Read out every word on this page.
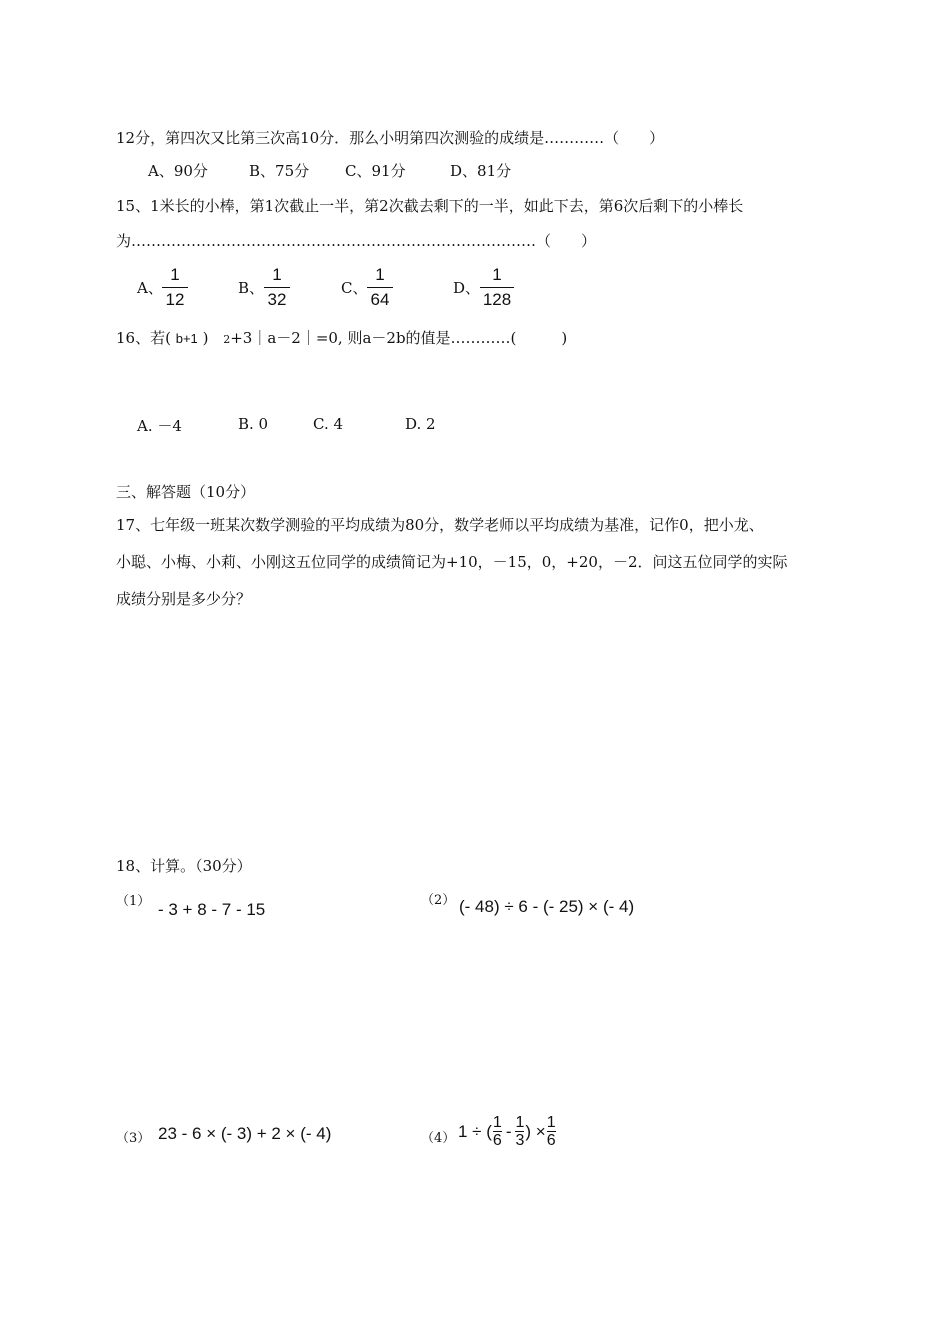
12分，第四次又比第三次高10分．那么小明第四次测验的成绩是…………（　　）
A、90分	B、75分 C、91分	D、81分
15、1米长的小棒，第1次截止一半，第2次截去剩下的一半，如此下去，第6次后剩下的小棒长
为………………………………………………………………………（　　）
A、
1
12
B、
1
32
C、
1
64
D、
1
128
16、若( b+1 ) 2+3｜a－2｜=0, 则a－2b的值是…………(　　　)
A. －4	B. 0	C. 4	D. 2
三、解答题（10分）
17、七年级一班某次数学测验的平均成绩为80分，数学老师以平均成绩为基准，记作0，把小龙、
小聪、小梅、小莉、小刚这五位同学的成绩简记为+10，－15，0，+20，－2．问这五位同学的实际
成绩分别是多少分？
18、计算。（30分）
（1） - 3 + 8 - 7 - 15	（2） (- 48) ÷ 6 - (- 25) × (- 4)
（3） 23 - 6 × (- 3) + 2 × (- 4)	（4） 1 ÷ ( $\frac{1}{6} - \frac{1}{3}$ ) × $\frac{1}{6}$
